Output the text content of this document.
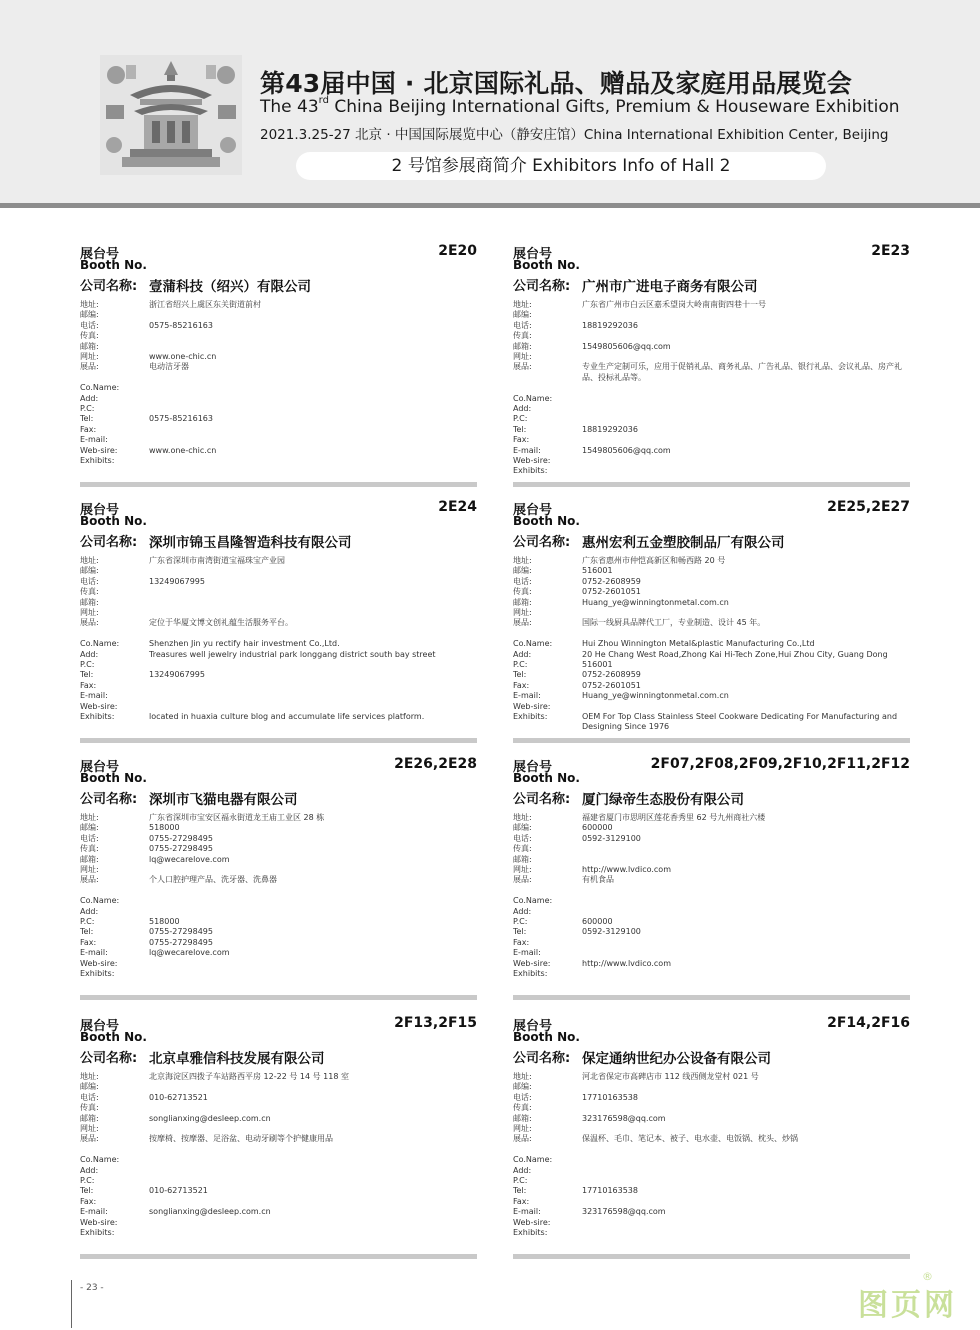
第43届中国 · 北京国际礼品、赠品及家庭用品展览会
The 43rd China Beijing International Gifts, Premium & Houseware Exhibition
2021.3.25-27 北京 · 中国国际展览中心（静安庄馆）China International Exhibition Center, Beijing
2 号馆参展商简介 Exhibitors Info of Hall 2
展台号
Booth No.
2E20
公司名称: 壹蒲科技（绍兴）有限公司
地址:	浙江省绍兴上虞区东关街道前村
邮编:
电话:	0575-85216163
传真:
邮箱:
网址:	www.one-chic.cn
展品:	电动洁牙器
Co.Name:
Add:
P.C:
Tel:	0575-85216163
Fax:
E-mail:
Web-sire:	www.one-chic.cn
Exhibits:
展台号
Booth No.
2E23
公司名称: 广州市广进电子商务有限公司
地址:	广东省广州市白云区嘉禾望岗大岭南南街四巷十一号
邮编:
电话:	18819292036
传真:
邮箱:	1549805606@qq.com
网址:
展品:	专业生产定制可乐，应用于促销礼品、商务礼品、广告礼品、银行礼品、会议礼品、房产礼品、投标礼品等。
Co.Name:
Add:
P.C:
Tel:	18819292036
Fax:
E-mail:	1549805606@qq.com
Web-sire:
Exhibits:
展台号
Booth No.
2E24
公司名称: 深圳市锦玉昌隆智造科技有限公司
地址:	广东省深圳市南湾街道宝福珠宝产业园
邮编:
电话:	13249067995
传真:
邮箱:
网址:
展品:	定位于华厦文博文创礼蕴生活服务平台。
Co.Name:	Shenzhen Jin yu rectify hair investment Co.,Ltd.
Add:	Treasures well jewelry industrial park longgang district south bay street
P.C:
Tel:	13249067995
Fax:
E-mail:
Web-sire:
Exhibits:	located in huaxia culture blog and accumulate life services platform.
展台号
Booth No.
2E25,2E27
公司名称: 惠州宏利五金塑胶制品厂有限公司
地址:	广东省惠州市仲恺高新区和畅西路 20 号
邮编:	516001
电话:	0752-2608959
传真:	0752-2601051
邮箱:	Huang_ye@winningtonmetal.com.cn
网址:
展品:	国际一线厨具品牌代工厂，专业制造、设计 45 年。
Co.Name:	Hui Zhou Winnington Metal&plastic Manufacturing Co.,Ltd
Add:	20 He Chang West Road,Zhong Kai Hi-Tech Zone,Hui Zhou City, Guang Dong
P.C:	516001
Tel:	0752-2608959
Fax:	0752-2601051
E-mail:	Huang_ye@winningtonmetal.com.cn
Web-sire:
Exhibits:	OEM For Top Class Stainless Steel Cookware Dedicating For Manufacturing and Designing Since 1976
展台号
Booth No.
2E26,2E28
公司名称: 深圳市飞猫电器有限公司
地址:	广东省深圳市宝安区福永街道龙王庙工业区 28 栋
邮编:	518000
电话:	0755-27298495
传真:	0755-27298495
邮箱:	lq@wecarelove.com
网址:
展品:	个人口腔护理产品、洗牙器、洗鼻器
Co.Name:
Add:
P.C:	518000
Tel:	0755-27298495
Fax:	0755-27298495
E-mail:	lq@wecarelove.com
Web-sire:
Exhibits:
展台号
Booth No.
2F07,2F08,2F09,2F10,2F11,2F12
公司名称: 厦门绿帝生态股份有限公司
地址:	福建省厦门市思明区莲花香秀里 62 号九州商社六楼
邮编:	600000
电话:	0592-3129100
传真:
邮箱:
网址:	http://www.lvdico.com
展品:	有机食品
Co.Name:
Add:
P.C:	600000
Tel:	0592-3129100
Fax:
E-mail:
Web-sire:	http://www.lvdico.com
Exhibits:
展台号
Booth No.
2F13,2F15
公司名称: 北京卓雅信科技发展有限公司
地址:	北京海淀区四拨子车站路西平房 12-22 号 14 号 118 室
邮编:
电话:	010-62713521
传真:
邮箱:	songlianxing@desleep.com.cn
网址:
展品:	按摩椅、按摩器、足浴盆、电动牙刷等个护健康用品
Co.Name:
Add:
P.C:
Tel:	010-62713521
Fax:
E-mail:	songlianxing@desleep.com.cn
Web-sire:
Exhibits:
展台号
Booth No.
2F14,2F16
公司名称: 保定通纳世纪办公设备有限公司
地址:	河北省保定市高碑店市 112 线西侧龙堂村 021 号
邮编:
电话:	17710163538
传真:
邮箱:	323176598@qq.com
网址:
展品:	保温杯、毛巾、笔记本、被子、电水壶、电饭锅、枕头、炒锅
Co.Name:
Add:
P.C:
Tel:	17710163538
Fax:
E-mail:	323176598@qq.com
Web-sire:
Exhibits:
- 23 -	图页网
®
